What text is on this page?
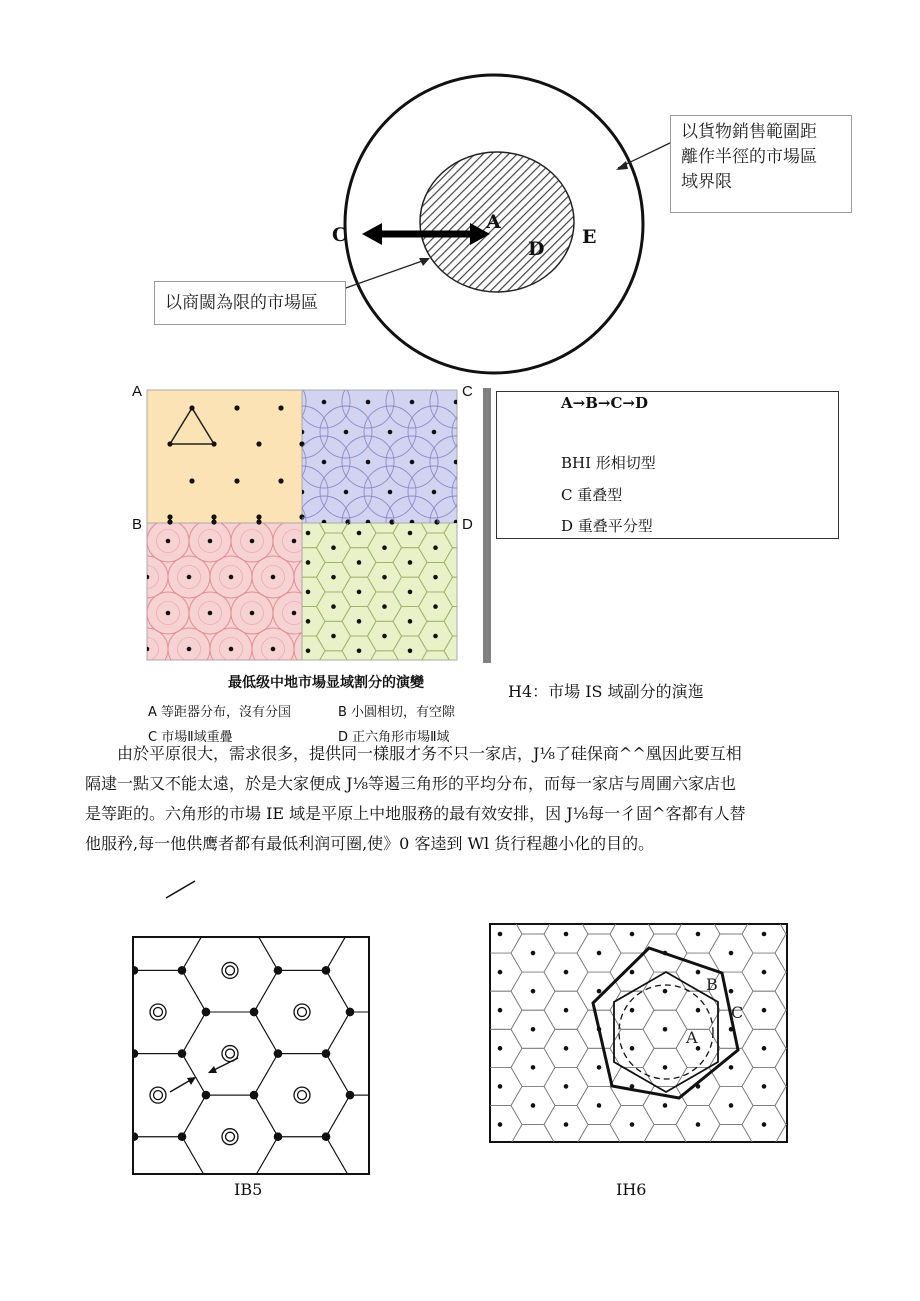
C
A
D
E
以貨物銷售範圍距
離作半徑的市場區
域界限
以商閾為限的市場區
A
B
C
D
最低级中地市場显域割分的演變
A 等距器分布，沒有分国	B 小圓相切，有空隙
C 市場Ⅱ域重疊	D 正六角形市場Ⅱ域
A→B→C→D
BHI 形相切型
C 重叠型
D 重叠平分型
H4：市場 IS 域副分的演迤
由於平原很大，需求很多，提供同一樣服才务不只一家店，J⅛了硅保商^^凰因此要互相
隔逮一點又不能太遠，於是大家便成 J⅛等遏三角形的平均分布，而每一家店与周圃六家店也
是等距的。六角形的市場 IE 域是平原上中地服務的最有效安排，因 J⅛每一彳固^客都有人替
他服矜,每一他供鹰者都有最低利润可圈,使》0 客逵到 Wl 货行程趣小化的目的。
A
B
C
IB5	IH6
